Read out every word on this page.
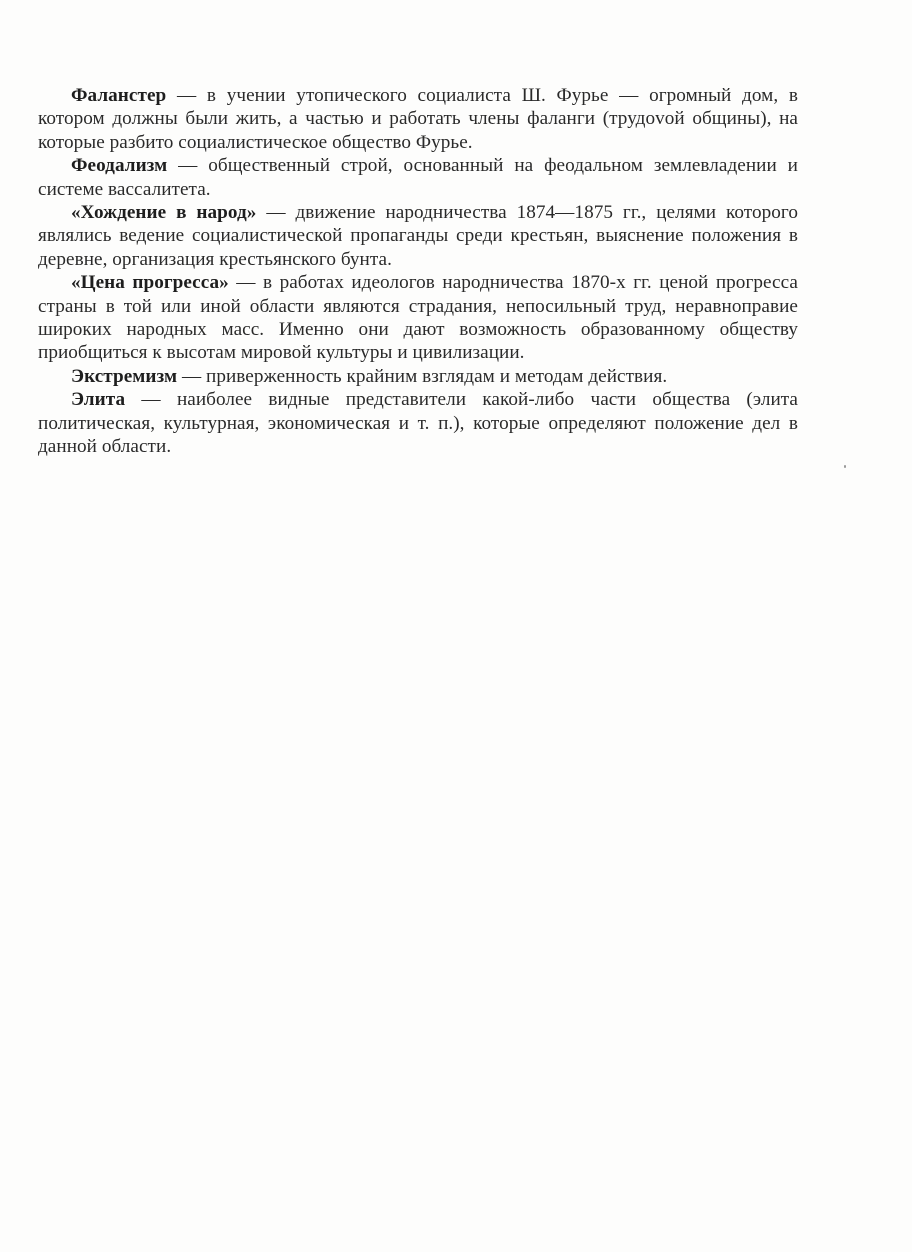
Фаланстер — в учении утопического социалиста Ш. Фурье — огромный дом, в котором должны были жить, а частью и работать члены фаланги (трудоvой общины), на которые разбито социалистическое общество Фурье.

Феодализм — общественный строй, основанный на феодальном землевладении и системе вассалитета.

«Хождение в народ» — движение народничества 1874—1875 гг., целями которого являлись ведение социалистической пропаганды среди крестьян, выяснение положения в деревне, организация крестьянского бунта.

«Цена прогресса» — в работах идеологов народничества 1870-х гг. ценой прогресса страны в той или иной области являются страдания, непосильный труд, неравноправие широких народных масс. Именно они дают возможность образованному обществу приобщиться к высотам мировой культуры и цивилизации.

Экстремизм — приверженность крайним взглядам и методам действия.

Элита — наиболее видные представители какой-либо части общества (элита политическая, культурная, экономическая и т. п.), которые определяют положение дел в данной области.
